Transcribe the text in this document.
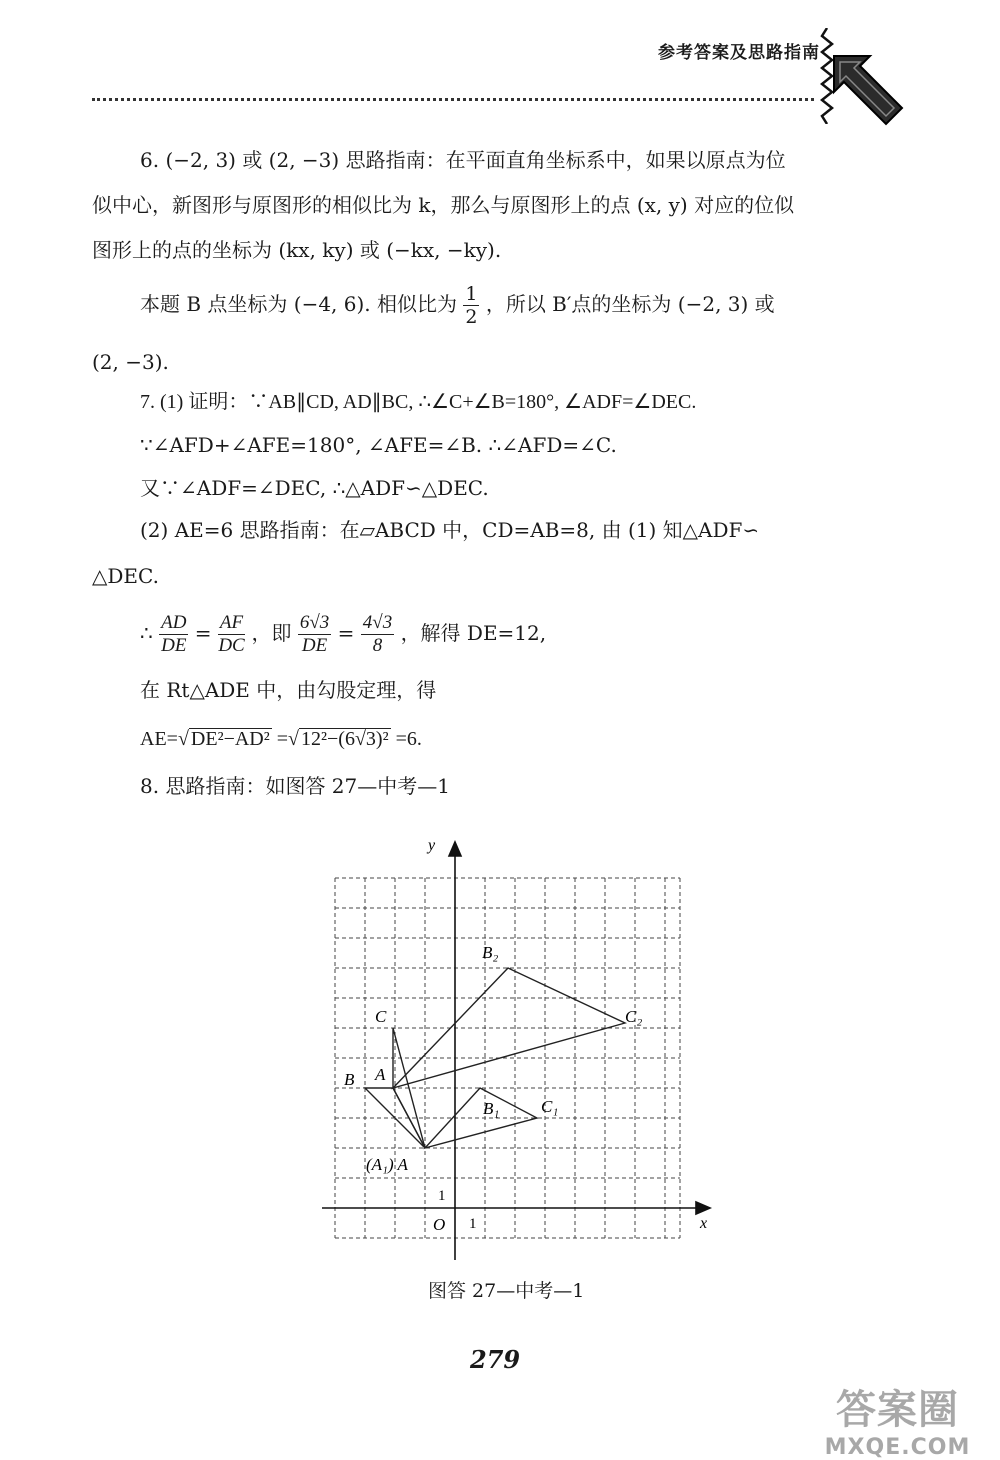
参考答案及思路指南
6. (−2, 3) 或 (2, −3) 思路指南：在平面直角坐标系中，如果以原点为位
似中心，新图形与原图形的相似比为 k，那么与原图形上的点 (x, y) 对应的位似
图形上的点的坐标为 (kx, ky) 或 (−kx, −ky).
本题 B 点坐标为 (−4, 6). 相似比为 $\frac{1}{2}$ ，所以 B′点的坐标为 (−2, 3) 或
(2, −3).
7. (1) 证明：∵AB∥CD, AD∥BC, ∴∠C+∠B=180°, ∠ADF=∠DEC.
∵∠AFD+∠AFE=180°, ∠AFE=∠B. ∴∠AFD=∠C.
又∵∠ADF=∠DEC, ∴△ADF∽△DEC.
(2) AE=6 思路指南：在▱ABCD 中，CD=AB=8, 由 (1) 知△ADF∽
△DEC.
∴ $\frac{AD}{DE} = \frac{AF}{DC}$ ，即 $\frac{6√3}{DE} = \frac{4√3}{8}$ ，解得 DE=12,
在 Rt△ADE 中，由勾股定理，得
AE=√ DE²−AD² =√ 12²−(6√3)² =6.
8. 思路指南：如图答 27—中考—1
x
y
O 1
1
B₂
C₂
C
A
B
B₁ C₁
(A₁) A
图答 27—中考—1
279
答案圈
MXQE.COM
